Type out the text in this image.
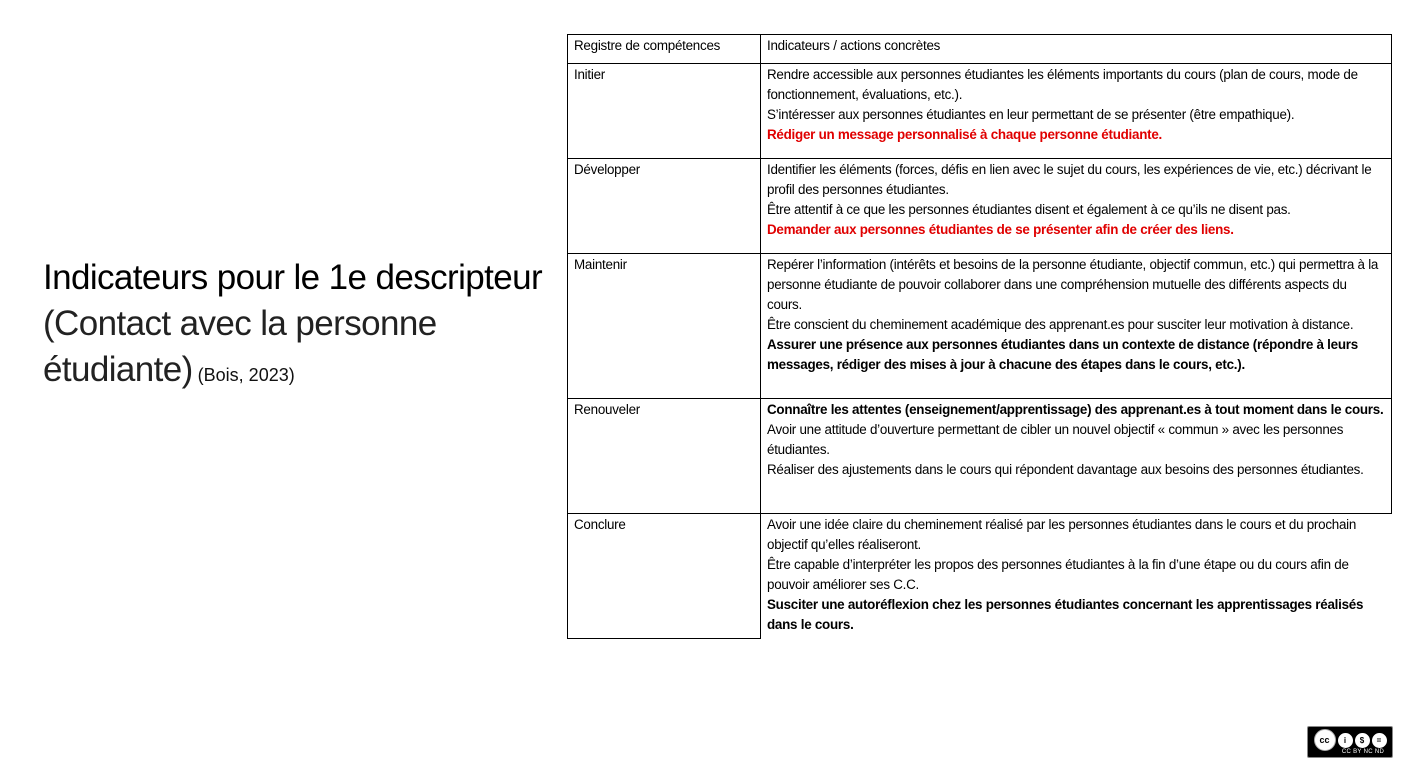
Indicateurs pour le 1e descripteur (Contact avec la personne étudiante) (Bois, 2023)
Registre de compétences	Indicateurs / actions concrètes
Initier	Rendre accessible aux personnes étudiantes les éléments importants du cours (plan de cours, mode de fonctionnement, évaluations, etc.).

S’intéresser aux personnes étudiantes en leur permettant de se présenter (être empathique).

Rédiger un message personnalisé à chaque personne étudiante.

Développer	Identifier les éléments (forces, défis en lien avec le sujet du cours, les expériences de vie, etc.) décrivant le profil des personnes étudiantes.

Être attentif à ce que les personnes étudiantes disent et également à ce qu’ils ne disent pas.

Demander aux personnes étudiantes de se présenter afin de créer des liens.

Maintenir	Repérer l’information (intérêts et besoins de la personne étudiante, objectif commun, etc.) qui permettra à la personne étudiante de pouvoir collaborer dans une compréhension mutuelle des différents aspects du cours.

Être conscient du cheminement académique des apprenant.es pour susciter leur motivation à distance.

Assurer une présence aux personnes étudiantes dans un contexte de distance (répondre à leurs messages, rédiger des mises à jour à chacune des étapes dans le cours, etc.).

Renouveler	Connaître les attentes (enseignement/apprentissage) des apprenant.es à tout moment dans le cours.

Avoir une attitude d’ouverture permettant de cibler un nouvel objectif « commun » avec les personnes étudiantes.

Réaliser des ajustements dans le cours qui répondent davantage aux besoins des personnes étudiantes.

Conclure	Avoir une idée claire du cheminement réalisé par les personnes étudiantes dans le cours et du prochain objectif qu’elles réaliseront.

Être capable d’interpréter les propos des personnes étudiantes à la fin d’une étape ou du cours afin de pouvoir améliorer ses C.C.

Susciter une autoréflexion chez les personnes étudiantes concernant les apprentissages réalisés dans le cours.

cc	i	$	=
CC BY NC ND
